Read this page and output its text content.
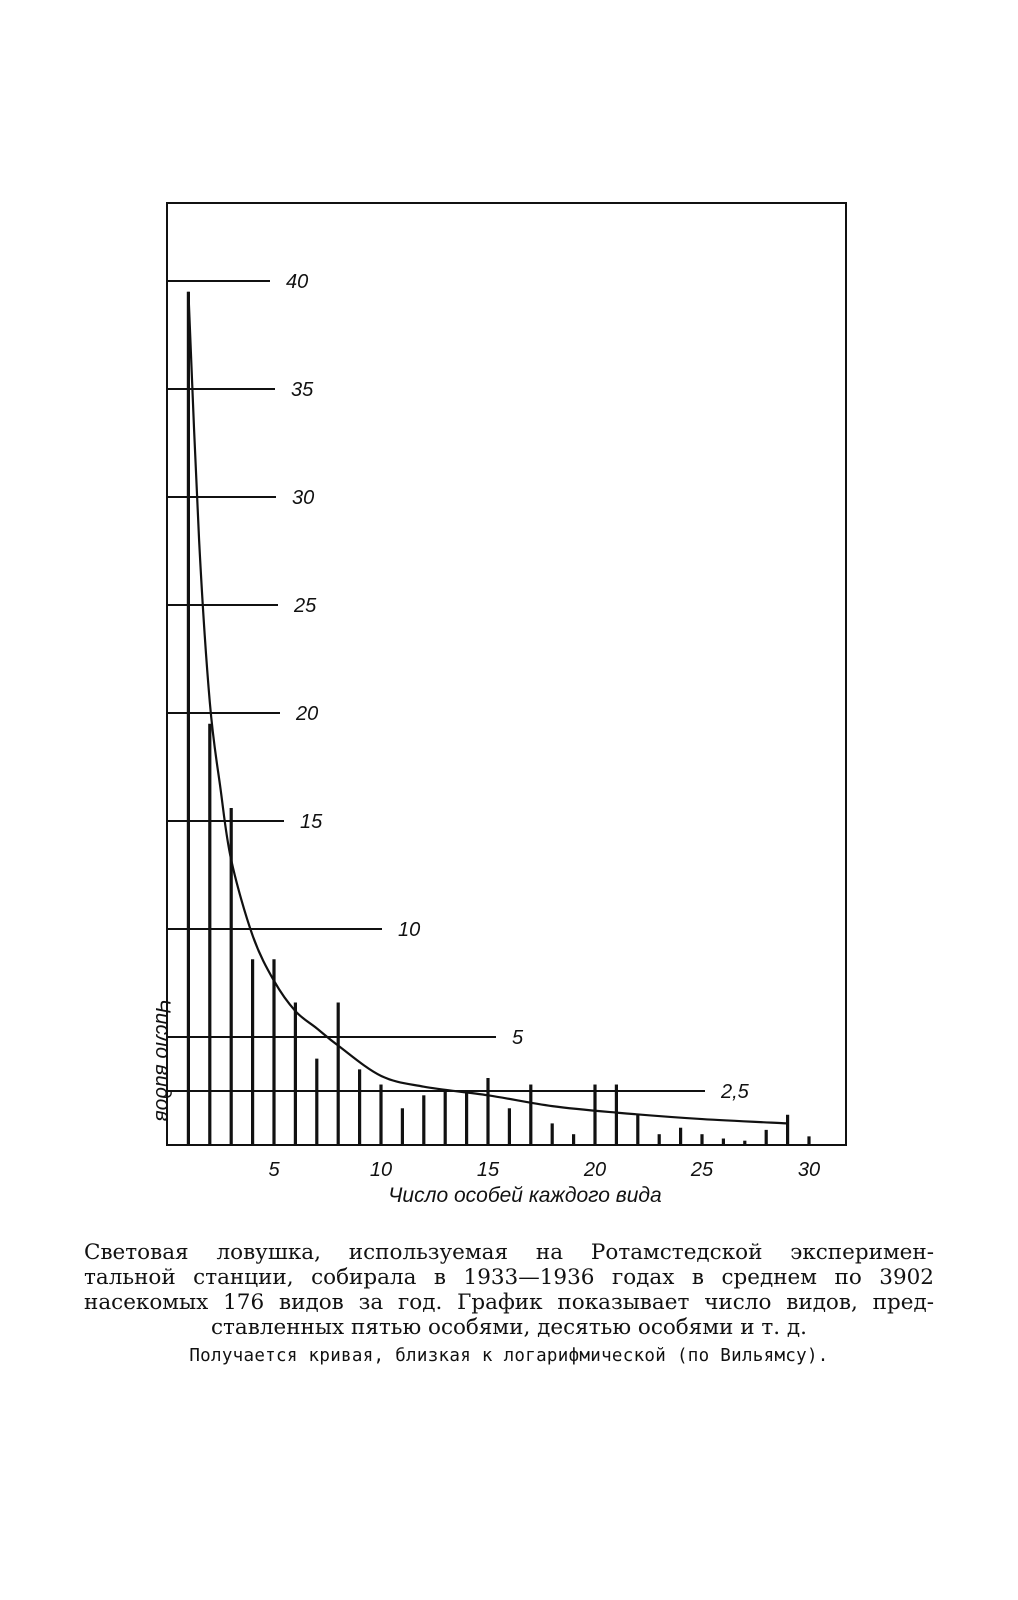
40
35
30
25
20
15
10
5
2,5
5	10	15	20	25	30
Число особей каждого вида
Число видов
Световая ловушка, используемая на Ротамстедской эксперимен-
тальной станции, собирала в 1933—1936 годах в среднем по 3902
насекомых 176 видов за год. График показывает число видов, пред-
ставленных пятью особями, десятью особями и т. д.
Получается кривая, близкая к логарифмической (по Вильямсу).
